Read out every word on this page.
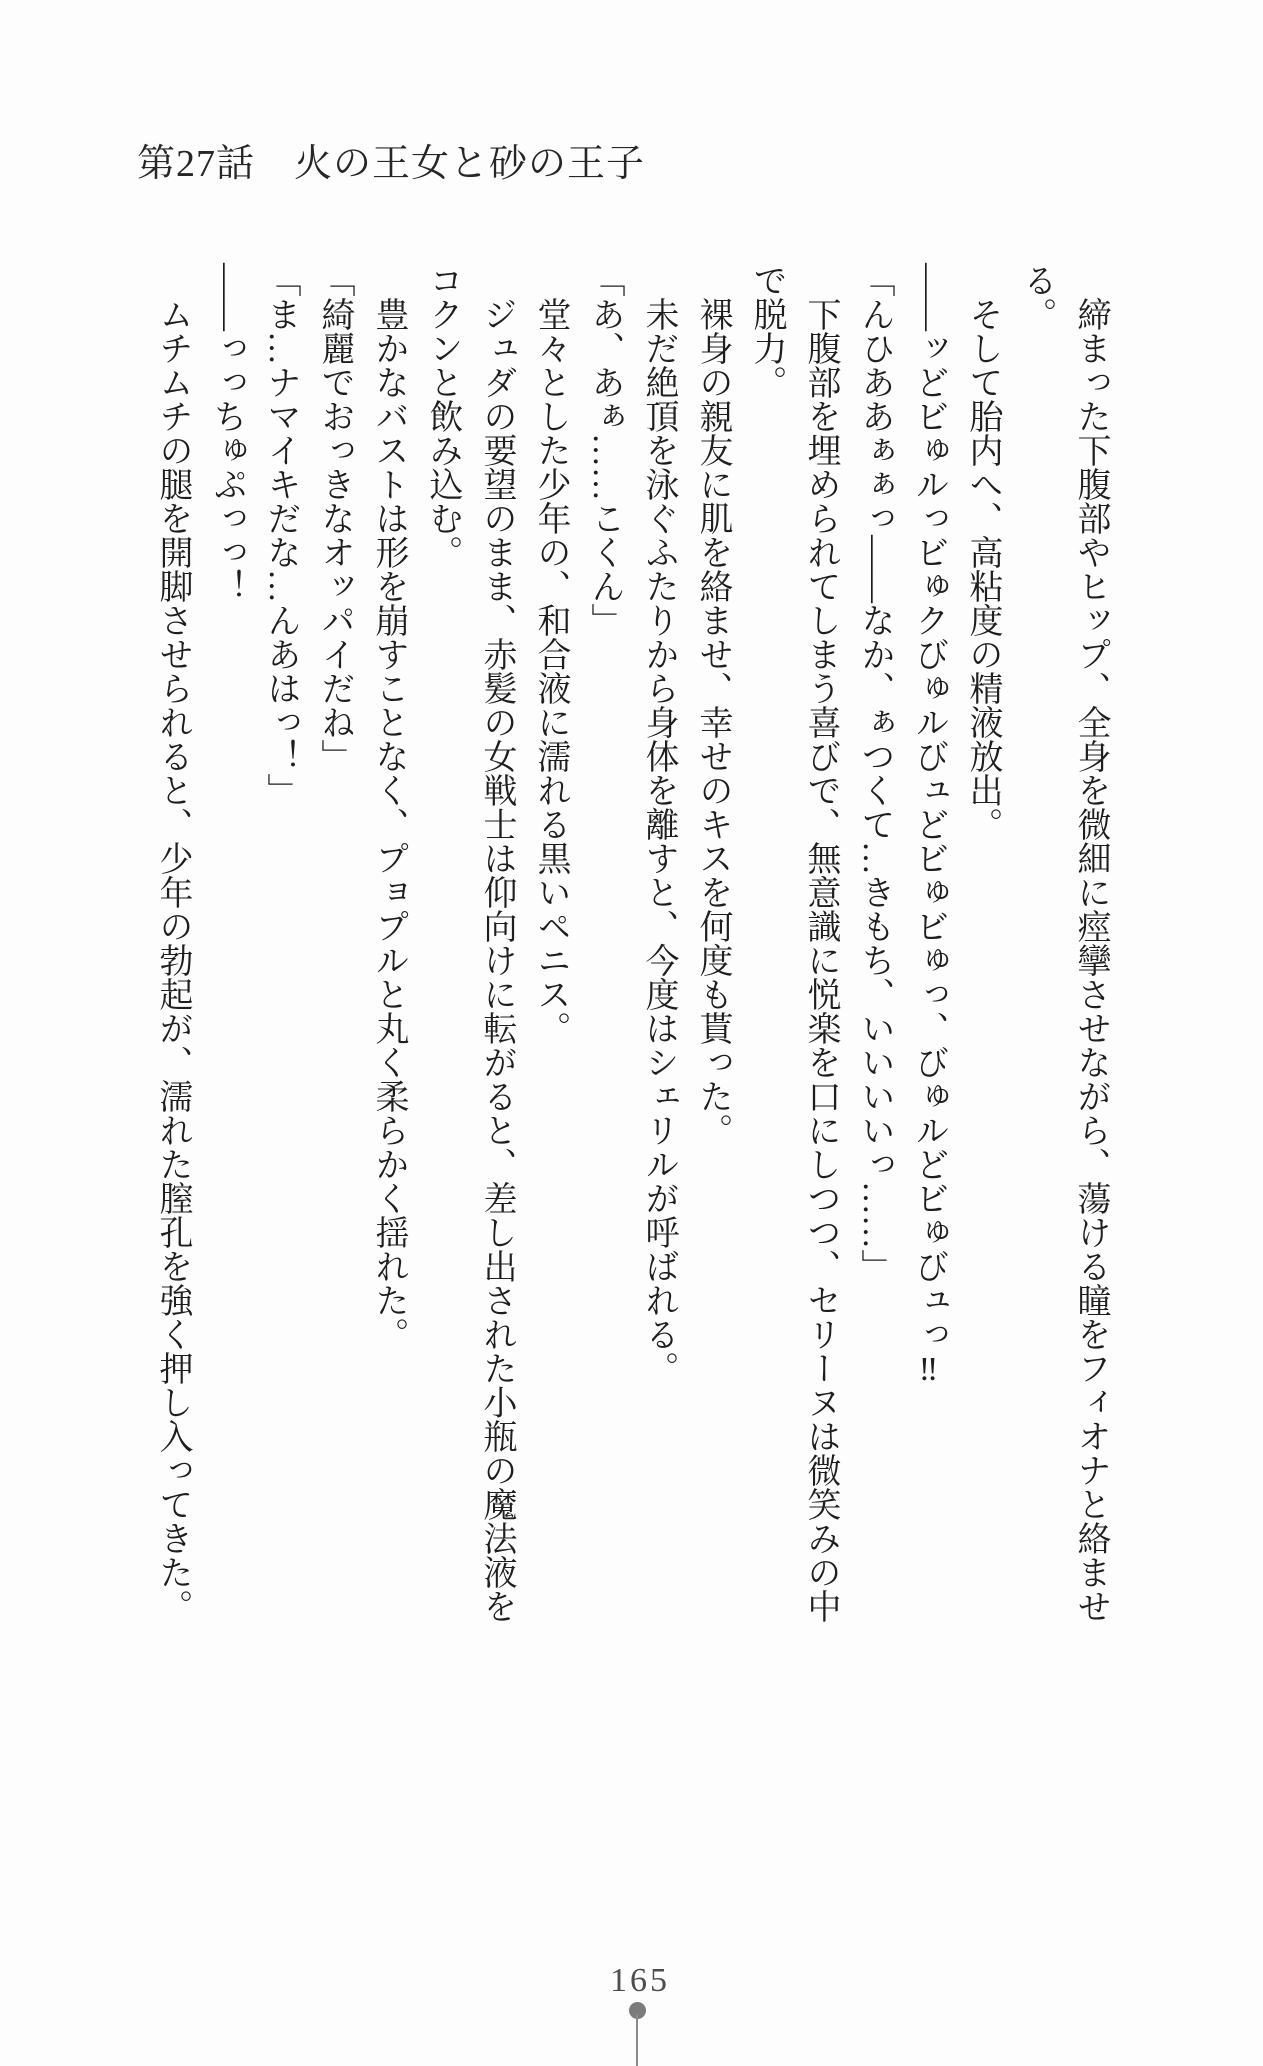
第27話　火の王女と砂の王子

締まった下腹部やヒップ、全身を微細に痙攣させながら、蕩ける瞳をフィオナと絡ませる。

そして胎内へ、高粘度の精液放出。

――ッどビゅルっビゅクびゅルびュどビゅビゅっ、びゅルどビゅびュっ‼

「んひああぁぁっ――なか、ぁつくて…きもち、いいいいっ……」

下腹部を埋められてしまう喜びで、無意識に悦楽を口にしつつ、セリーヌは微笑みの中で脱力。

裸身の親友に肌を絡ませ、幸せのキスを何度も貰った。

未だ絶頂を泳ぐふたりから身体を離すと、今度はシェリルが呼ばれる。

「あ、あぁ……こくん」

堂々とした少年の、和合液に濡れる黒いペニス。

ジュダの要望のまま、赤髪の女戦士は仰向けに転がると、差し出された小瓶の魔法液をコクンと飲み込む。

豊かなバストは形を崩すことなく、プョプルと丸く柔らかく揺れた。

「綺麗でおっきなオッパイだね」

「ま…ナマイキだな…んあはっ！」

――っっちゅぷっっ！

ムチムチの腿を開脚させられると、少年の勃起が、濡れた膣孔を強く押し入ってきた。

165
